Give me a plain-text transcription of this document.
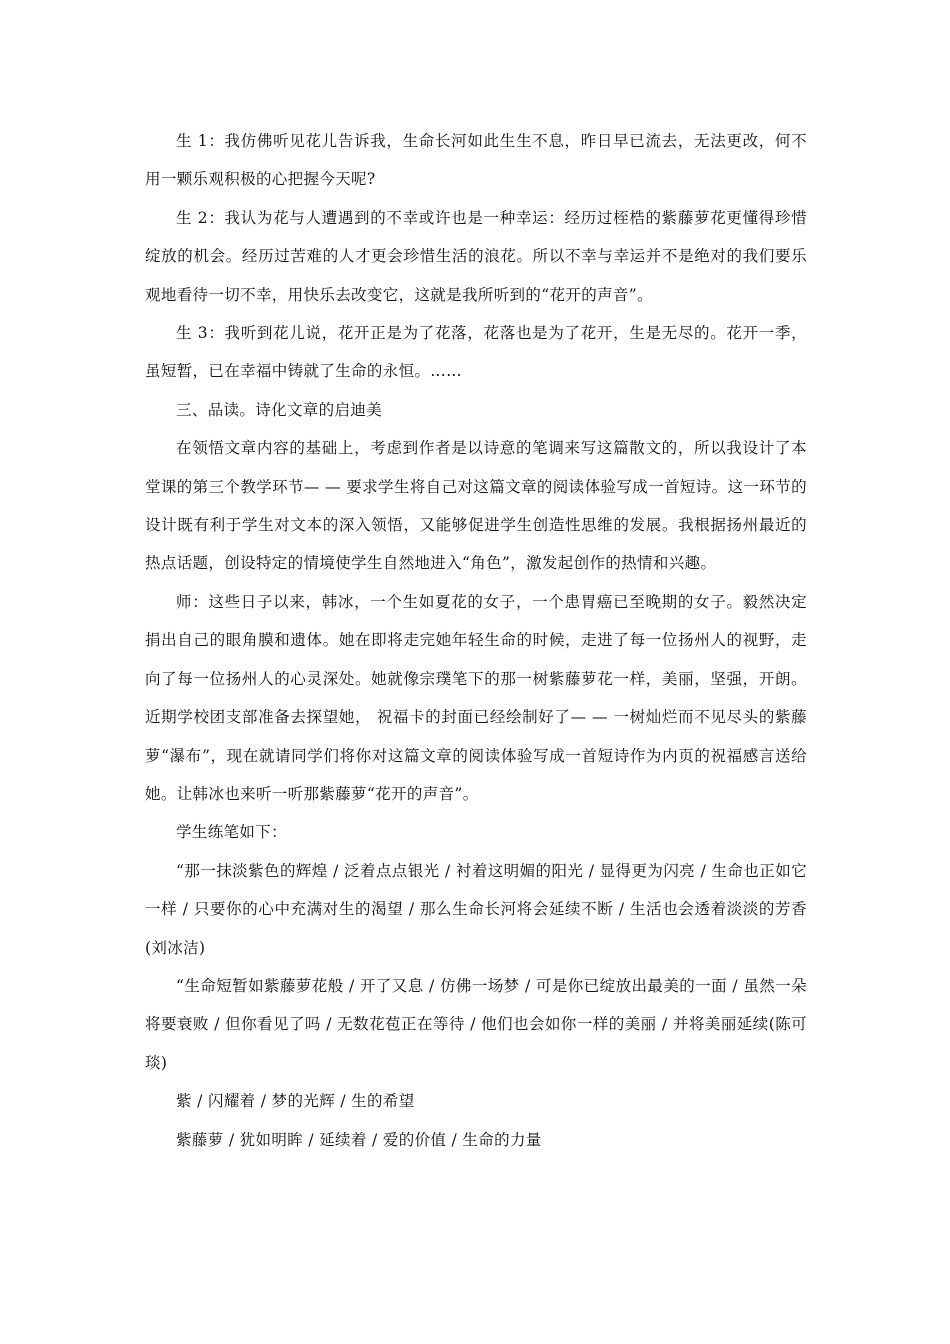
生 1：我仿佛听见花儿告诉我，生命长河如此生生不息，昨日早已流去，无法更改，何不用一颗乐观积极的心把握今天呢?

生 2：我认为花与人遭遇到的不幸或许也是一种幸运：经历过桎梏的紫藤萝花更懂得珍惜绽放的机会。经历过苦难的人才更会珍惜生活的浪花。所以不幸与幸运并不是绝对的我们要乐观地看待一切不幸，用快乐去改变它，这就是我所听到的“花开的声音”。

生 3：我听到花儿说，花开正是为了花落，花落也是为了花开，生是无尽的。花开一季，虽短暂，已在幸福中铸就了生命的永恒。……

三、品读。诗化文章的启迪美

在领悟文章内容的基础上，考虑到作者是以诗意的笔调来写这篇散文的，所以我设计了本堂课的第三个教学环节— — 要求学生将自己对这篇文章的阅读体验写成一首短诗。这一环节的设计既有利于学生对文本的深入领悟，又能够促进学生创造性思维的发展。我根据扬州最近的热点话题，创设特定的情境使学生自然地进入“角色”，激发起创作的热情和兴趣。

师：这些日子以来，韩冰，一个生如夏花的女子，一个患胃癌已至晚期的女子。毅然决定捐出自己的眼角膜和遗体。她在即将走完她年轻生命的时候，走进了每一位扬州人的视野，走向了每一位扬州人的心灵深处。她就像宗璞笔下的那一树紫藤萝花一样，美丽，坚强，开朗。近期学校团支部准备去探望她， 祝福卡的封面已经绘制好了— — 一树灿烂而不见尽头的紫藤萝“瀑布”，现在就请同学们将你对这篇文章的阅读体验写成一首短诗作为内页的祝福感言送给她。让韩冰也来听一听那紫藤萝“花开的声音”。

学生练笔如下：

“那一抹淡紫色的辉煌 / 泛着点点银光 / 衬着这明媚的阳光 / 显得更为闪亮 / 生命也正如它一样 / 只要你的心中充满对生的渴望 / 那么生命长河将会延续不断 / 生活也会透着淡淡的芳香(刘冰洁)

“生命短暂如紫藤萝花般 / 开了又息 / 仿佛一场梦 / 可是你已绽放出最美的一面 / 虽然一朵将要衰败 / 但你看见了吗 / 无数花苞正在等待 / 他们也会如你一样的美丽 / 并将美丽延续(陈可琰)

紫 / 闪耀着 / 梦的光辉 / 生的希望

紫藤萝 / 犹如明眸 / 延续着 / 爱的价值 / 生命的力量
